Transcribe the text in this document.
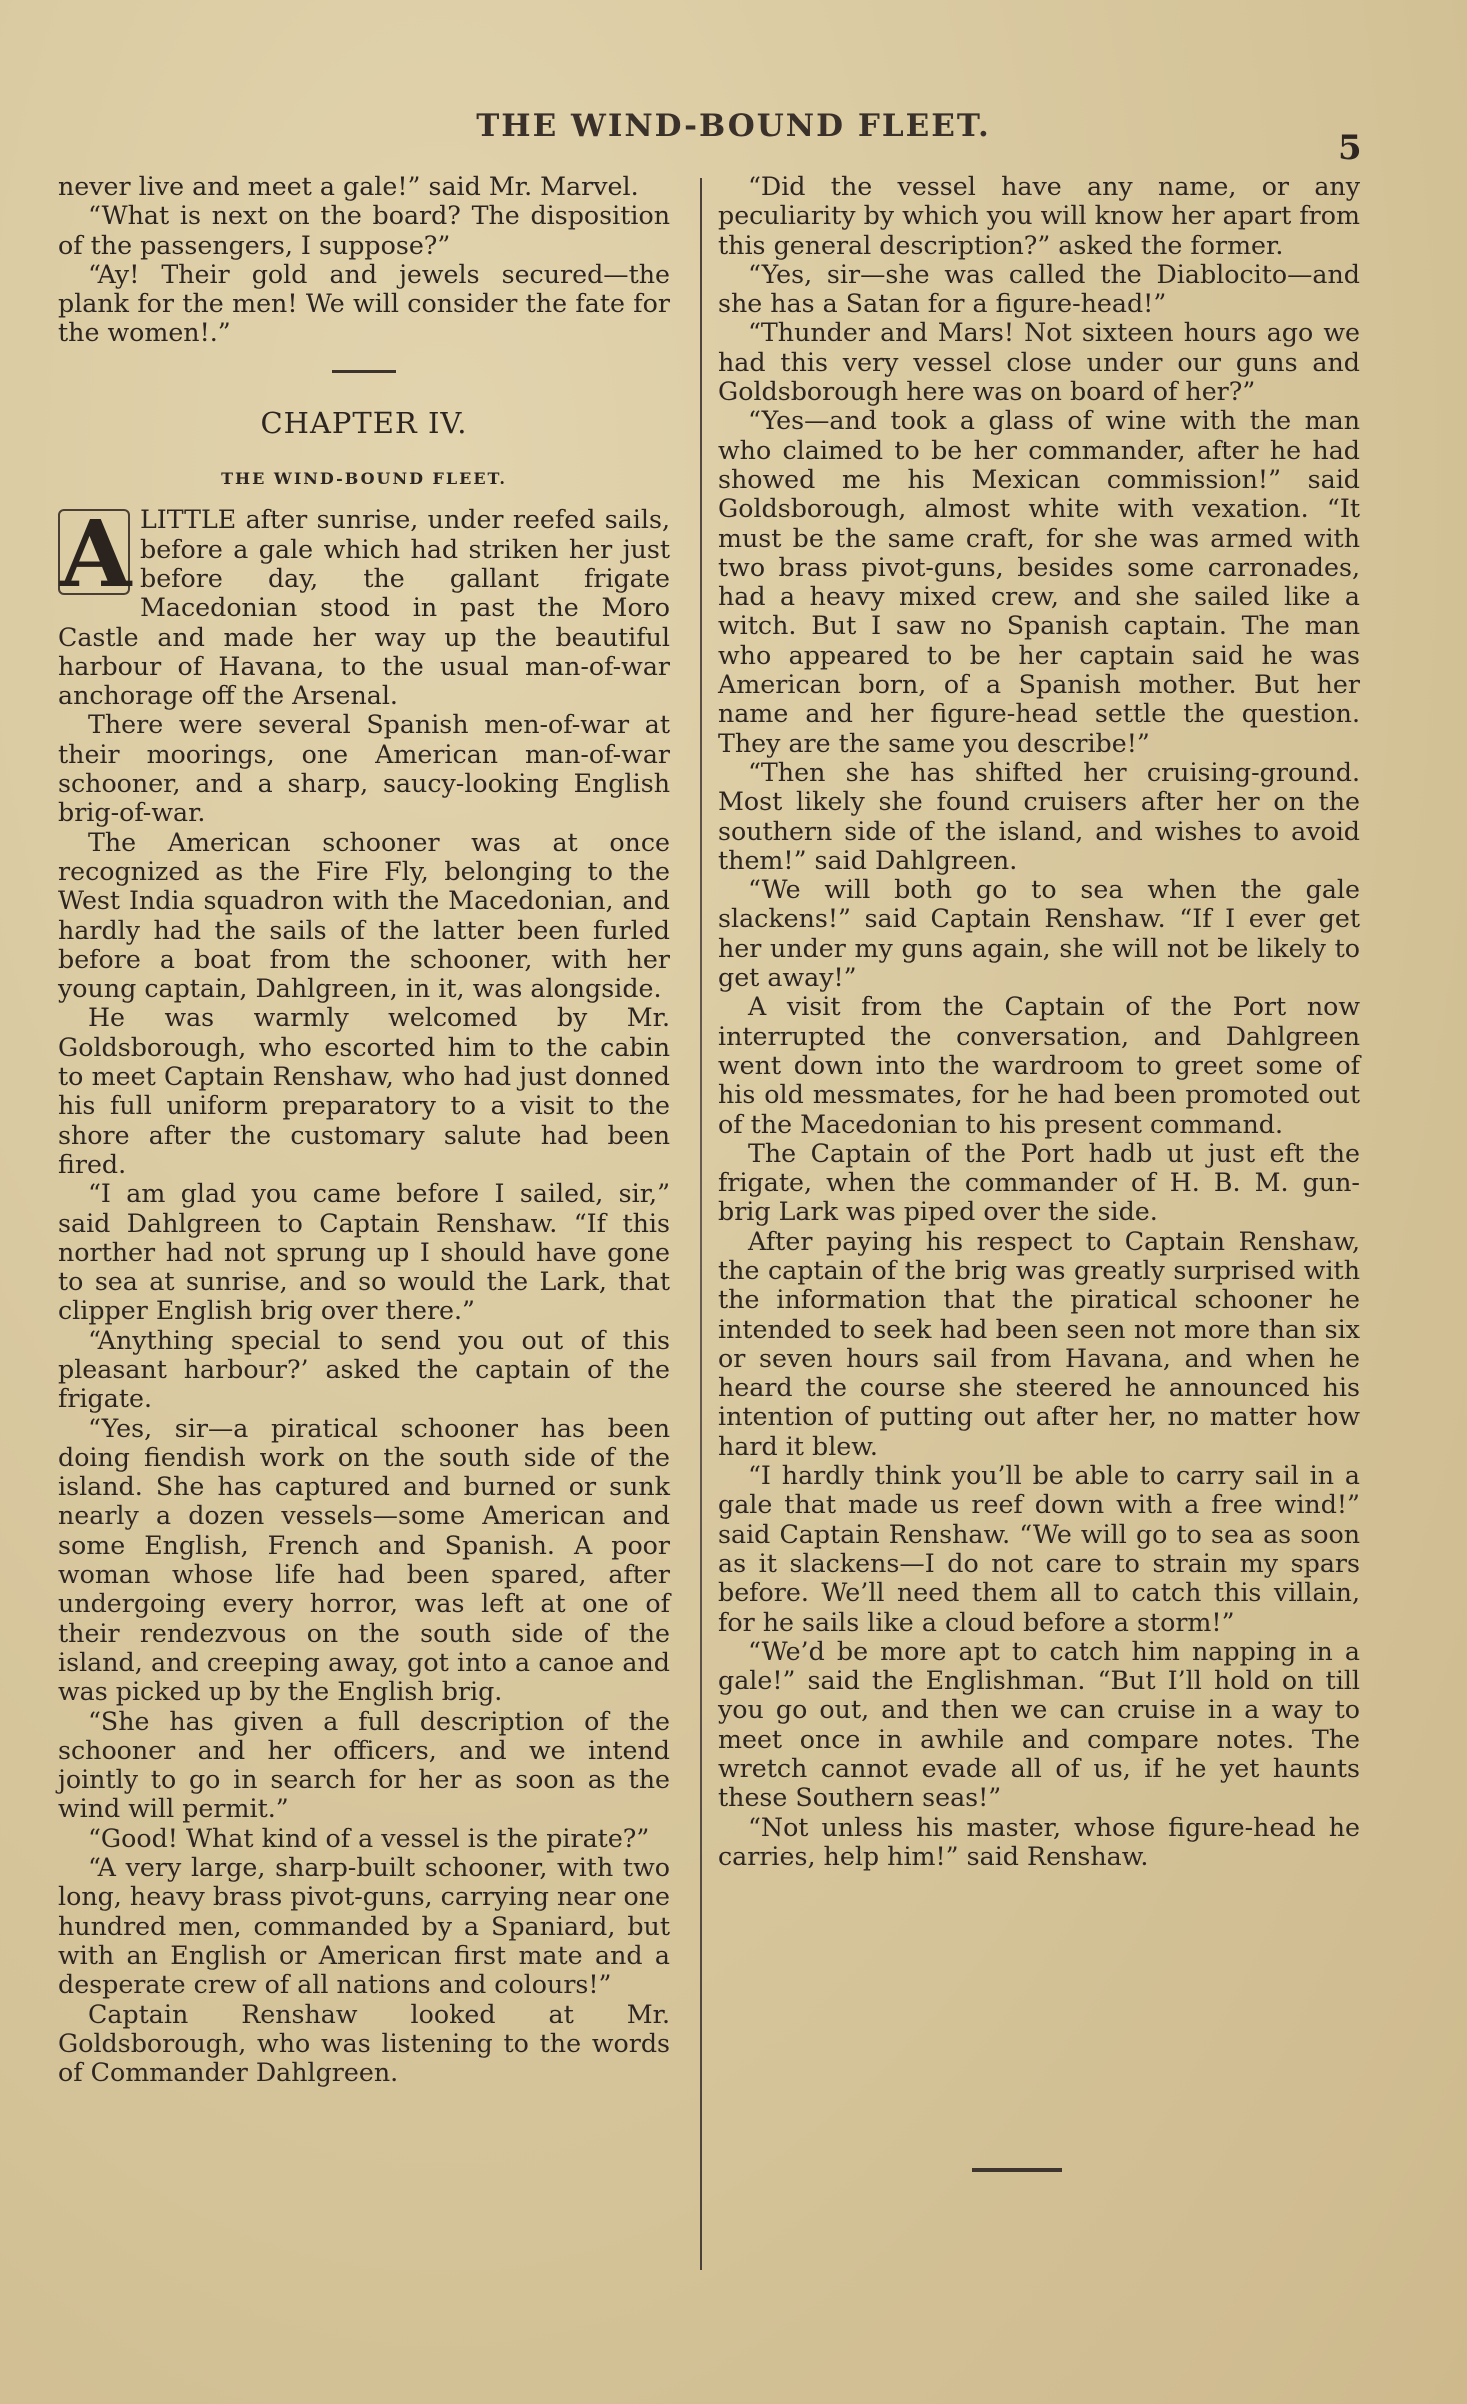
THE WIND-BOUND FLEET.
5

never live and meet a gale!” said Mr. Marvel.

“What is next on the board? The disposition of the passengers, I suppose?”

“Ay! Their gold and jewels secured—the plank for the men! We will consider the fate for the women!.”

CHAPTER IV.
THE WIND-BOUND FLEET.

A LITTLE after sunrise, under reefed sails, before a gale which had striken her just before day, the gallant frigate Macedonian stood in past the Moro Castle and made her way up the beautiful harbour of Havana, to the usual man-of-war anchorage off the Arsenal.

There were several Spanish men-of-war at their moorings, one American man-of-war schooner, and a sharp, saucy-looking English brig-of-war.

The American schooner was at once recognized as the Fire Fly, belonging to the West India squadron with the Macedonian, and hardly had the sails of the latter been furled before a boat from the schooner, with her young captain, Dahlgreen, in it, was alongside.

He was warmly welcomed by Mr. Goldsborough, who escorted him to the cabin to meet Captain Renshaw, who had just donned his full uniform preparatory to a visit to the shore after the customary salute had been fired.

“I am glad you came before I sailed, sir,” said Dahlgreen to Captain Renshaw. “If this norther had not sprung up I should have gone to sea at sunrise, and so would the Lark, that clipper English brig over there.”

“Anything special to send you out of this pleasant harbour?’ asked the captain of the frigate.

“Yes, sir—a piratical schooner has been doing fiendish work on the south side of the island. She has captured and burned or sunk nearly a dozen vessels—some American and some English, French and Spanish. A poor woman whose life had been spared, after undergoing every horror, was left at one of their rendezvous on the south side of the island, and creeping away, got into a canoe and was picked up by the English brig.

“She has given a full description of the schooner and her officers, and we intend jointly to go in search for her as soon as the wind will permit.”

“Good! What kind of a vessel is the pirate?”

“A very large, sharp-built schooner, with two long, heavy brass pivot-guns, carrying near one hundred men, commanded by a Spaniard, but with an English or American first mate and a desperate crew of all nations and colours!”

Captain Renshaw looked at Mr. Goldsborough, who was listening to the words of Commander Dahlgreen.

“Did the vessel have any name, or any peculiarity by which you will know her apart from this general description?” asked the former.

“Yes, sir—she was called the Diablocito—and she has a Satan for a figure-head!”

“Thunder and Mars! Not sixteen hours ago we had this very vessel close under our guns and Goldsborough here was on board of her?”

“Yes—and took a glass of wine with the man who claimed to be her commander, after he had showed me his Mexican commission!” said Goldsborough, almost white with vexation. “It must be the same craft, for she was armed with two brass pivot-guns, besides some carronades, had a heavy mixed crew, and she sailed like a witch. But I saw no Spanish captain. The man who appeared to be her captain said he was American born, of a Spanish mother. But her name and her figure-head settle the question. They are the same you describe!”

“Then she has shifted her cruising-ground. Most likely she found cruisers after her on the southern side of the island, and wishes to avoid them!” said Dahlgreen.

“We will both go to sea when the gale slackens!” said Captain Renshaw. “If I ever get her under my guns again, she will not be likely to get away!”

A visit from the Captain of the Port now interrupted the conversation, and Dahlgreen went down into the wardroom to greet some of his old messmates, for he had been promoted out of the Macedonian to his present command.

The Captain of the Port hadb ut just eft the frigate, when the commander of H. B. M. gun-brig Lark was piped over the side.

After paying his respect to Captain Renshaw, the captain of the brig was greatly surprised with the information that the piratical schooner he intended to seek had been seen not more than six or seven hours sail from Havana, and when he heard the course she steered he announced his intention of putting out after her, no matter how hard it blew.

“I hardly think you’ll be able to carry sail in a gale that made us reef down with a free wind!” said Captain Renshaw. “We will go to sea as soon as it slackens—I do not care to strain my spars before. We’ll need them all to catch this villain, for he sails like a cloud before a storm!”

“We’d be more apt to catch him napping in a gale!” said the Englishman. “But I’ll hold on till you go out, and then we can cruise in a way to meet once in awhile and compare notes. The wretch cannot evade all of us, if he yet haunts these Southern seas!”

“Not unless his master, whose figure-head he carries, help him!” said Renshaw.
